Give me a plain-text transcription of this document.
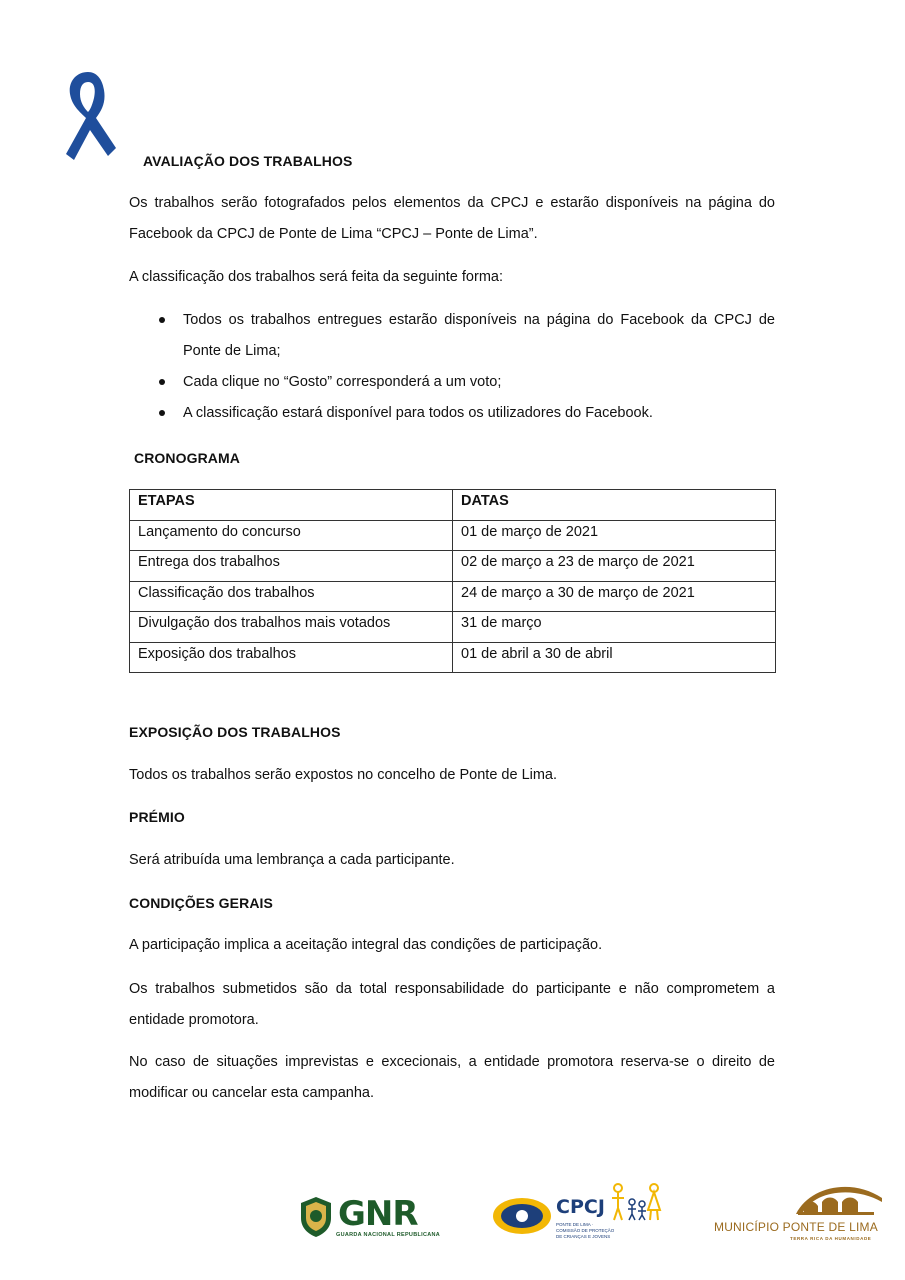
AVALIAÇÃO DOS TRABALHOS
Os trabalhos serão fotografados pelos elementos da CPCJ e estarão disponíveis na página do
Facebook da CPCJ de Ponte de Lima “CPCJ – Ponte de Lima”.
A classificação dos trabalhos será feita da seguinte forma:
Todos os trabalhos entregues estarão disponíveis na página do Facebook da CPCJ de
Ponte de Lima;
Cada clique no “Gosto” corresponderá a um voto;
A classificação estará disponível para todos os utilizadores do Facebook.
CRONOGRAMA
ETAPAS	DATAS
Lançamento do concurso	01 de março de 2021
Entrega dos trabalhos	02 de março a 23 de março de 2021
Classificação dos trabalhos	24 de março a 30 de março de 2021
Divulgação dos trabalhos mais votados	31 de março
Exposição dos trabalhos	01 de abril a 30 de abril
EXPOSIÇÃO DOS TRABALHOS
Todos os trabalhos serão expostos no concelho de Ponte de Lima.
PRÉMIO
Será atribuída uma lembrança a cada participante.
CONDIÇÕES GERAIS
A participação implica a aceitação integral das condições de participação.
Os trabalhos submetidos são da total responsabilidade do participante e não comprometem a
entidade promotora.
No caso de situações imprevistas e excecionais, a entidade promotora reserva-se o direito de
modificar ou cancelar esta campanha.
GNR
GUARDA NACIONAL REPUBLICANA
CPCJ
PONTE DE LIMA · COMISSÃO DE PROTEÇÃO DE CRIANÇAS E JOVENS
MUNICÍPIO PONTE DE LIMA
TERRA RICA DA HUMANIDADE
